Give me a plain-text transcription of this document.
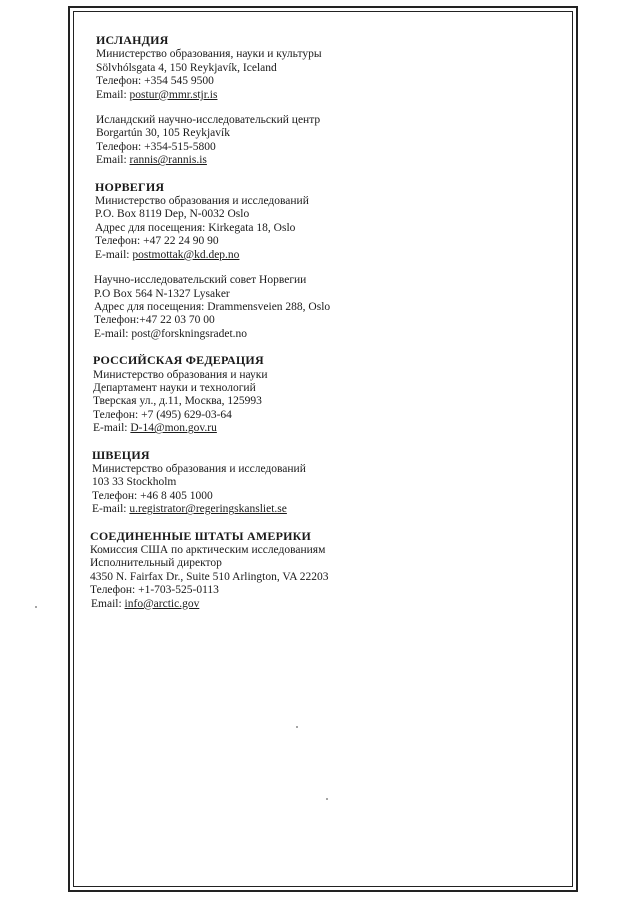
ИСЛАНДИЯ
Министерство образования, науки и культуры
Sölvhólsgata 4, 150 Reykjavík, Iceland
Телефон: +354 545 9500
Email: postur@mmr.stjr.is
Исландский научно-исследовательский центр
Borgartún 30, 105 Reykjavík
Телефон: +354-515-5800
Email: rannis@rannis.is
НОРВЕГИЯ
Министерство образования и исследований
P.O. Box 8119 Dep, N-0032 Oslo
Адрес для посещения: Kirkegata 18, Oslo
Телефон: +47 22 24 90 90
E-mail: postmottak@kd.dep.no
Научно-исследовательский совет Норвегии
P.O Box 564 N-1327 Lysaker
Адрес для посещения: Drammensveien 288, Oslo
Телефон:+47 22 03 70 00
E-mail: post@forskningsradet.no
РОССИЙСКАЯ ФЕДЕРАЦИЯ
Министерство образования и науки
Департамент науки и технологий
Тверская ул., д.11, Москва, 125993
Телефон: +7 (495) 629-03-64
E-mail: D-14@mon.gov.ru
ШВЕЦИЯ
Министерство образования и исследований
103 33 Stockholm
Телефон: +46 8 405 1000
E-mail: u.registrator@regeringskansliet.se
СОЕДИНЕННЫЕ ШТАТЫ АМЕРИКИ
Комиссия США по арктическим исследованиям
Исполнительный директор
4350 N. Fairfax Dr., Suite 510 Arlington, VA 22203
Телефон: +1-703-525-0113
Email: info@arctic.gov
